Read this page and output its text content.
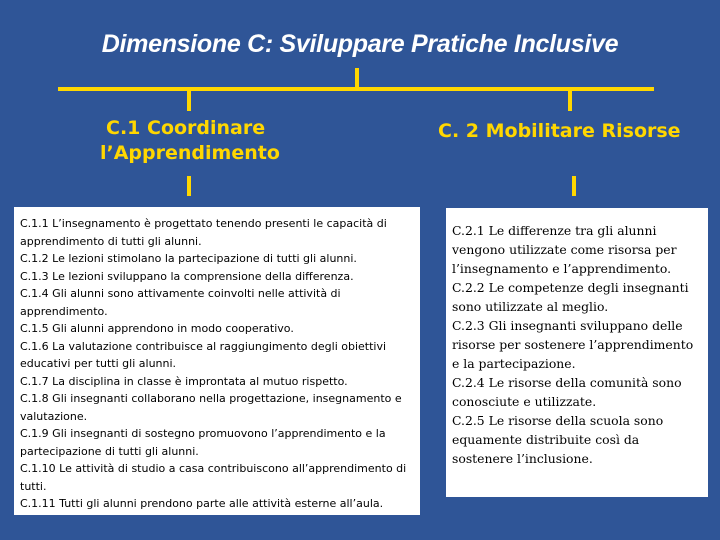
Dimensione C: Sviluppare Pratiche Inclusive
C.1 Coordinare
l’Apprendimento
C. 2 Mobilitare Risorse
C.1.1 L’insegnamento è progettato tenendo presenti le capacità di apprendimento di tutti gli alunni.
C.1.2 Le lezioni stimolano la partecipazione di tutti gli alunni.
C.1.3 Le lezioni sviluppano la comprensione della differenza.
C.1.4 Gli alunni sono attivamente coinvolti nelle attività di apprendimento.
C.1.5 Gli alunni apprendono in modo cooperativo.
C.1.6 La valutazione contribuisce al raggiungimento degli obiettivi educativi per tutti gli alunni.
C.1.7 La disciplina in classe è improntata al mutuo rispetto.
C.1.8 Gli insegnanti collaborano nella progettazione, insegnamento e valutazione.
C.1.9 Gli insegnanti di sostegno promuovono l’apprendimento e la partecipazione di tutti gli alunni.
C.1.10 Le attività di studio a casa contribuiscono all’apprendimento di tutti.
C.1.11 Tutti gli alunni prendono parte alle attività esterne all’aula.
C.2.1 Le differenze tra gli alunni vengono utilizzate come risorsa per l’insegnamento e l’apprendimento.
C.2.2 Le competenze degli insegnanti sono utilizzate al meglio.
C.2.3 Gli insegnanti sviluppano delle risorse per sostenere l’apprendimento e la partecipazione.
C.2.4 Le risorse della comunità sono conosciute e utilizzate.
C.2.5 Le risorse della scuola sono equamente distribuite così da sostenere l’inclusione.
